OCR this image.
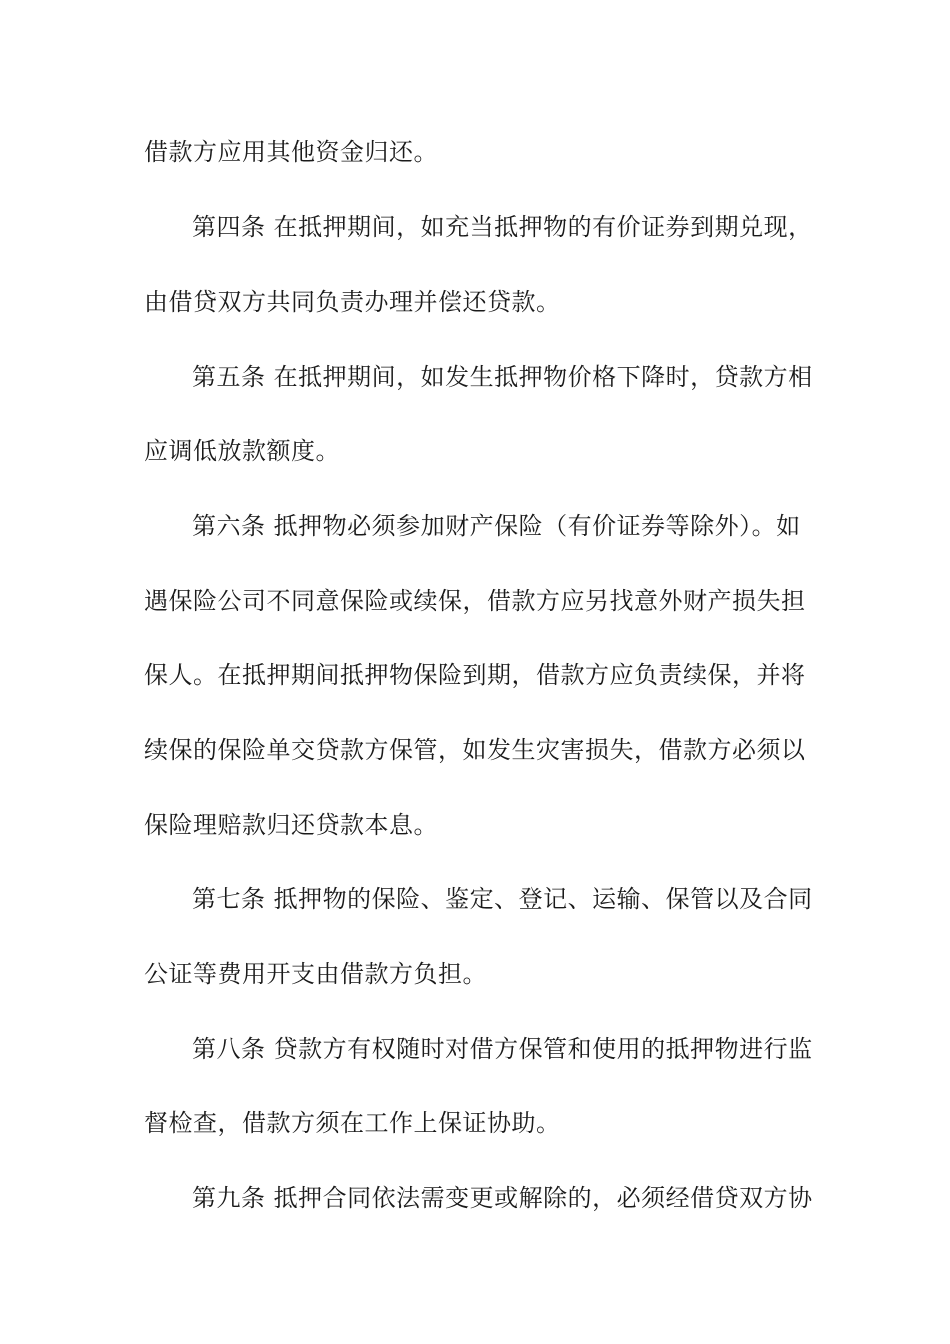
借款方应用其他资金归还。
第四条 在抵押期间，如充当抵押物的有价证券到期兑现，
由借贷双方共同负责办理并偿还贷款。
第五条 在抵押期间，如发生抵押物价格下降时，贷款方相
应调低放款额度。
第六条 抵押物必须参加财产保险（有价证券等除外）。如
遇保险公司不同意保险或续保，借款方应另找意外财产损失担
保人。在抵押期间抵押物保险到期，借款方应负责续保，并将
续保的保险单交贷款方保管，如发生灾害损失，借款方必须以
保险理赔款归还贷款本息。
第七条 抵押物的保险、鉴定、登记、运输、保管以及合同
公证等费用开支由借款方负担。
第八条 贷款方有权随时对借方保管和使用的抵押物进行监
督检查，借款方须在工作上保证协助。
第九条 抵押合同依法需变更或解除的，必须经借贷双方协
